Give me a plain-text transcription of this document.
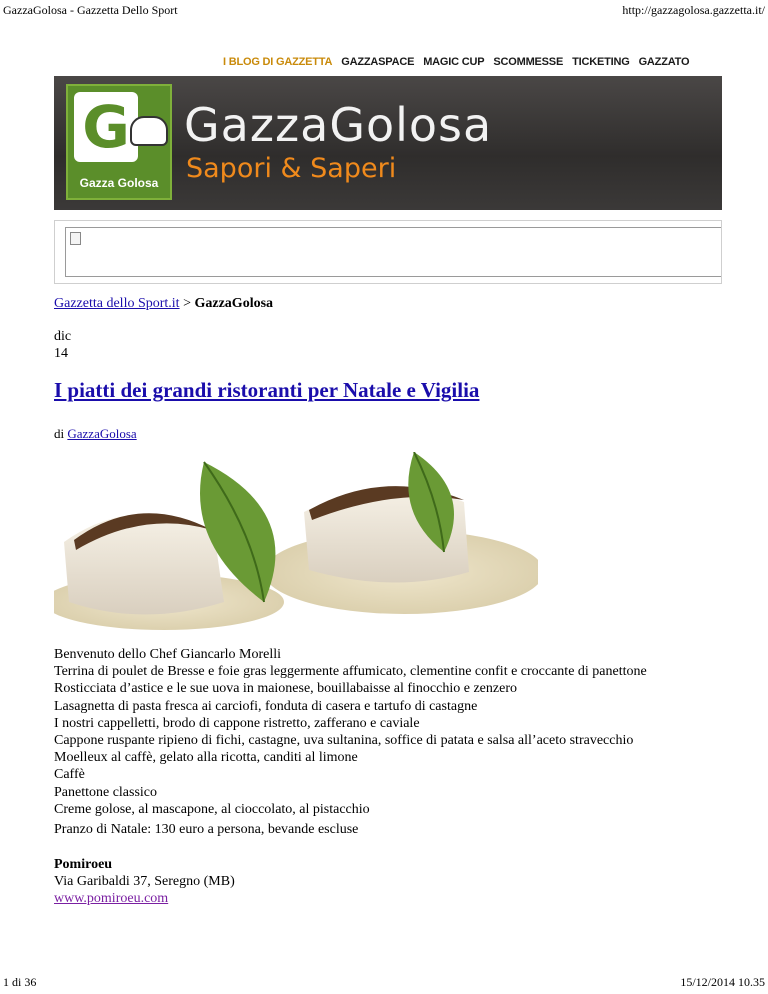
GazzaGolosa - Gazzetta Dello Sport	http://gazzagolosa.gazzetta.it/
I BLOG DI GAZZETTA GAZZASPACE MAGIC CUP SCOMMESSE TICKETING GAZZATO
G
Gazza Golosa
GazzaGolosa
Sapori & Saperi
Gazzetta dello Sport.it > GazzaGolosa
dic
14
I piatti dei grandi ristoranti per Natale e Vigilia
di GazzaGolosa
Benvenuto dello Chef Giancarlo Morelli
Terrina di poulet de Bresse e foie gras leggermente affumicato, clementine confit e croccante di panettone
Rosticciata d’astice e le sue uova in maionese, bouillabaisse al finocchio e zenzero
Lasagnetta di pasta fresca ai carciofi, fonduta di casera e tartufo di castagne
I nostri cappelletti, brodo di cappone ristretto, zafferano e caviale
Cappone ruspante ripieno di fichi, castagne, uva sultanina, soffice di patata e salsa all’aceto stravecchio
Moelleux al caffè, gelato alla ricotta, canditi al limone
Caffè
Panettone classico
Creme golose, al mascapone, al cioccolato, al pistacchio
Pranzo di Natale: 130 euro a persona, bevande escluse
Pomiroeu
Via Garibaldi 37, Seregno (MB)
www.pomiroeu.com
1 di 36	15/12/2014 10.35
